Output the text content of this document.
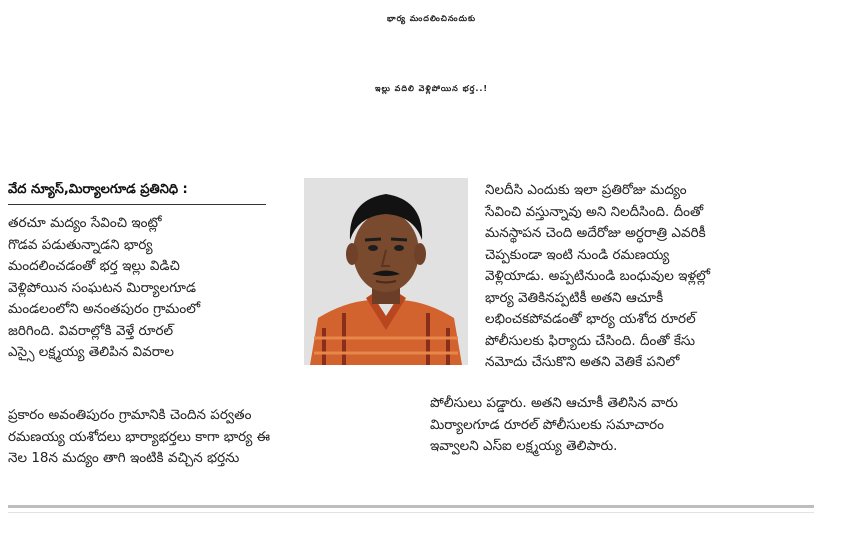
భార్య మందలించినందుకు
ఇల్లు వదిలి వెళ్లిపోయిన భర్త..!
వేద న్యూస్,మిర్యాలగూడ ప్రతినిధి :

తరచూ మద్యం సేవించి ఇంట్లో

గొడవ పడుతున్నాడని భార్య

మందలించడంతో భర్త ఇల్లు విడిచి

వెళ్లిపోయిన సంఘటన మిర్యాలగూడ

మండలంలోని అనంతపురం గ్రామంలో

జరిగింది. వివరాల్లోకి వెళ్తే రూరల్

ఎస్సై లక్ష్మయ్య తెలిపిన వివరాల

ప్రకారం అవంతిపురం గ్రామానికి చెందిన పర్వతం

రమణయ్య యశోదలు భార్యాభర్తలు కాగా భార్య ఈ

నెల 18న మద్యం తాగి ఇంటికి వచ్చిన భర్తను

నిలదీసి ఎందుకు ఇలా ప్రతిరోజు మద్యం

సేవించి వస్తున్నావు అని నిలదీసింది. దీంతో

మనస్థాపన చెంది అదేరోజు అర్ధరాత్రి ఎవరికీ

చెప్పకుండా ఇంటి నుండి రమణయ్య

వెళ్లియాడు. అప్పటినుండి బంధువుల ఇళ్లల్లో

భార్య వెతికినప్పటికీ అతని ఆచూకీ

లభించకపోవడంతో భార్య యశోద రూరల్

పోలీసులకు ఫిర్యాదు చేసింది. దీంతో కేసు

నమోదు చేసుకొని అతని వెతికే పనిలో

పోలీసులు పడ్డారు. అతని ఆచూకీ తెలిసిన వారు

మిర్యాలగూడ రూరల్ పోలీసులకు సమాచారం

ఇవ్వాలని ఎస్ఐ లక్ష్మయ్య తెలిపారు.
